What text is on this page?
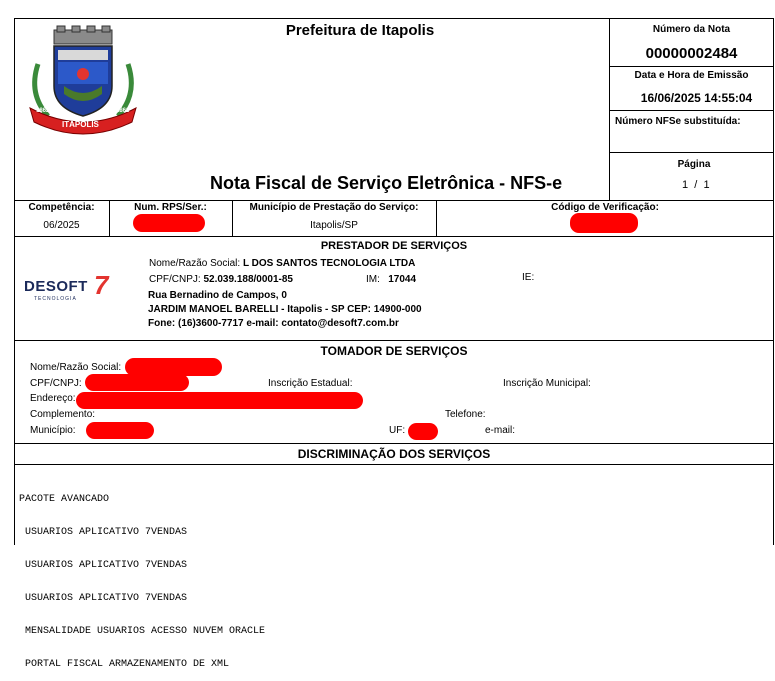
ITÁPOLIS
1862	1862
Prefeitura de Itapolis
Nota Fiscal de Serviço Eletrônica - NFS-e
Número da Nota
00000002484
Data e Hora de Emissão
16/06/2025 14:55:04
Número NFSe substituída:
Página
1 / 1
Competência:
06/2025
Num. RPS/Ser.:	Município de Prestação do Serviço:
Itapolis/SP
Código de Verificação:
PRESTADOR DE SERVIÇOS
DESOFT 7
TECNOLOGIA
Nome/Razão Social: L DOS SANTOS TECNOLOGIA LTDA
CPF/CNPJ: 52.039.188/0001-85	IM: 17044	IE:
Rua Bernadino de Campos, 0
JARDIM MANOEL BARELLI - Itapolis - SP CEP: 14900-000
Fone: (16)3600-7717 e-mail: contato@desoft7.com.br
TOMADOR DE SERVIÇOS
Nome/Razão Social:
CPF/CNPJ:	Inscrição Estadual:	Inscrição Municipal:
Endereço:
Complemento:	Telefone:
Município:	UF:	e-mail:
DISCRIMINAÇÃO DOS SERVIÇOS

PACOTE AVANCADO

USUARIOS APLICATIVO 7VENDAS

USUARIOS APLICATIVO 7VENDAS

USUARIOS APLICATIVO 7VENDAS

MENSALIDADE USUARIOS ACESSO NUVEM ORACLE

PORTAL FISCAL ARMAZENAMENTO DE XML
